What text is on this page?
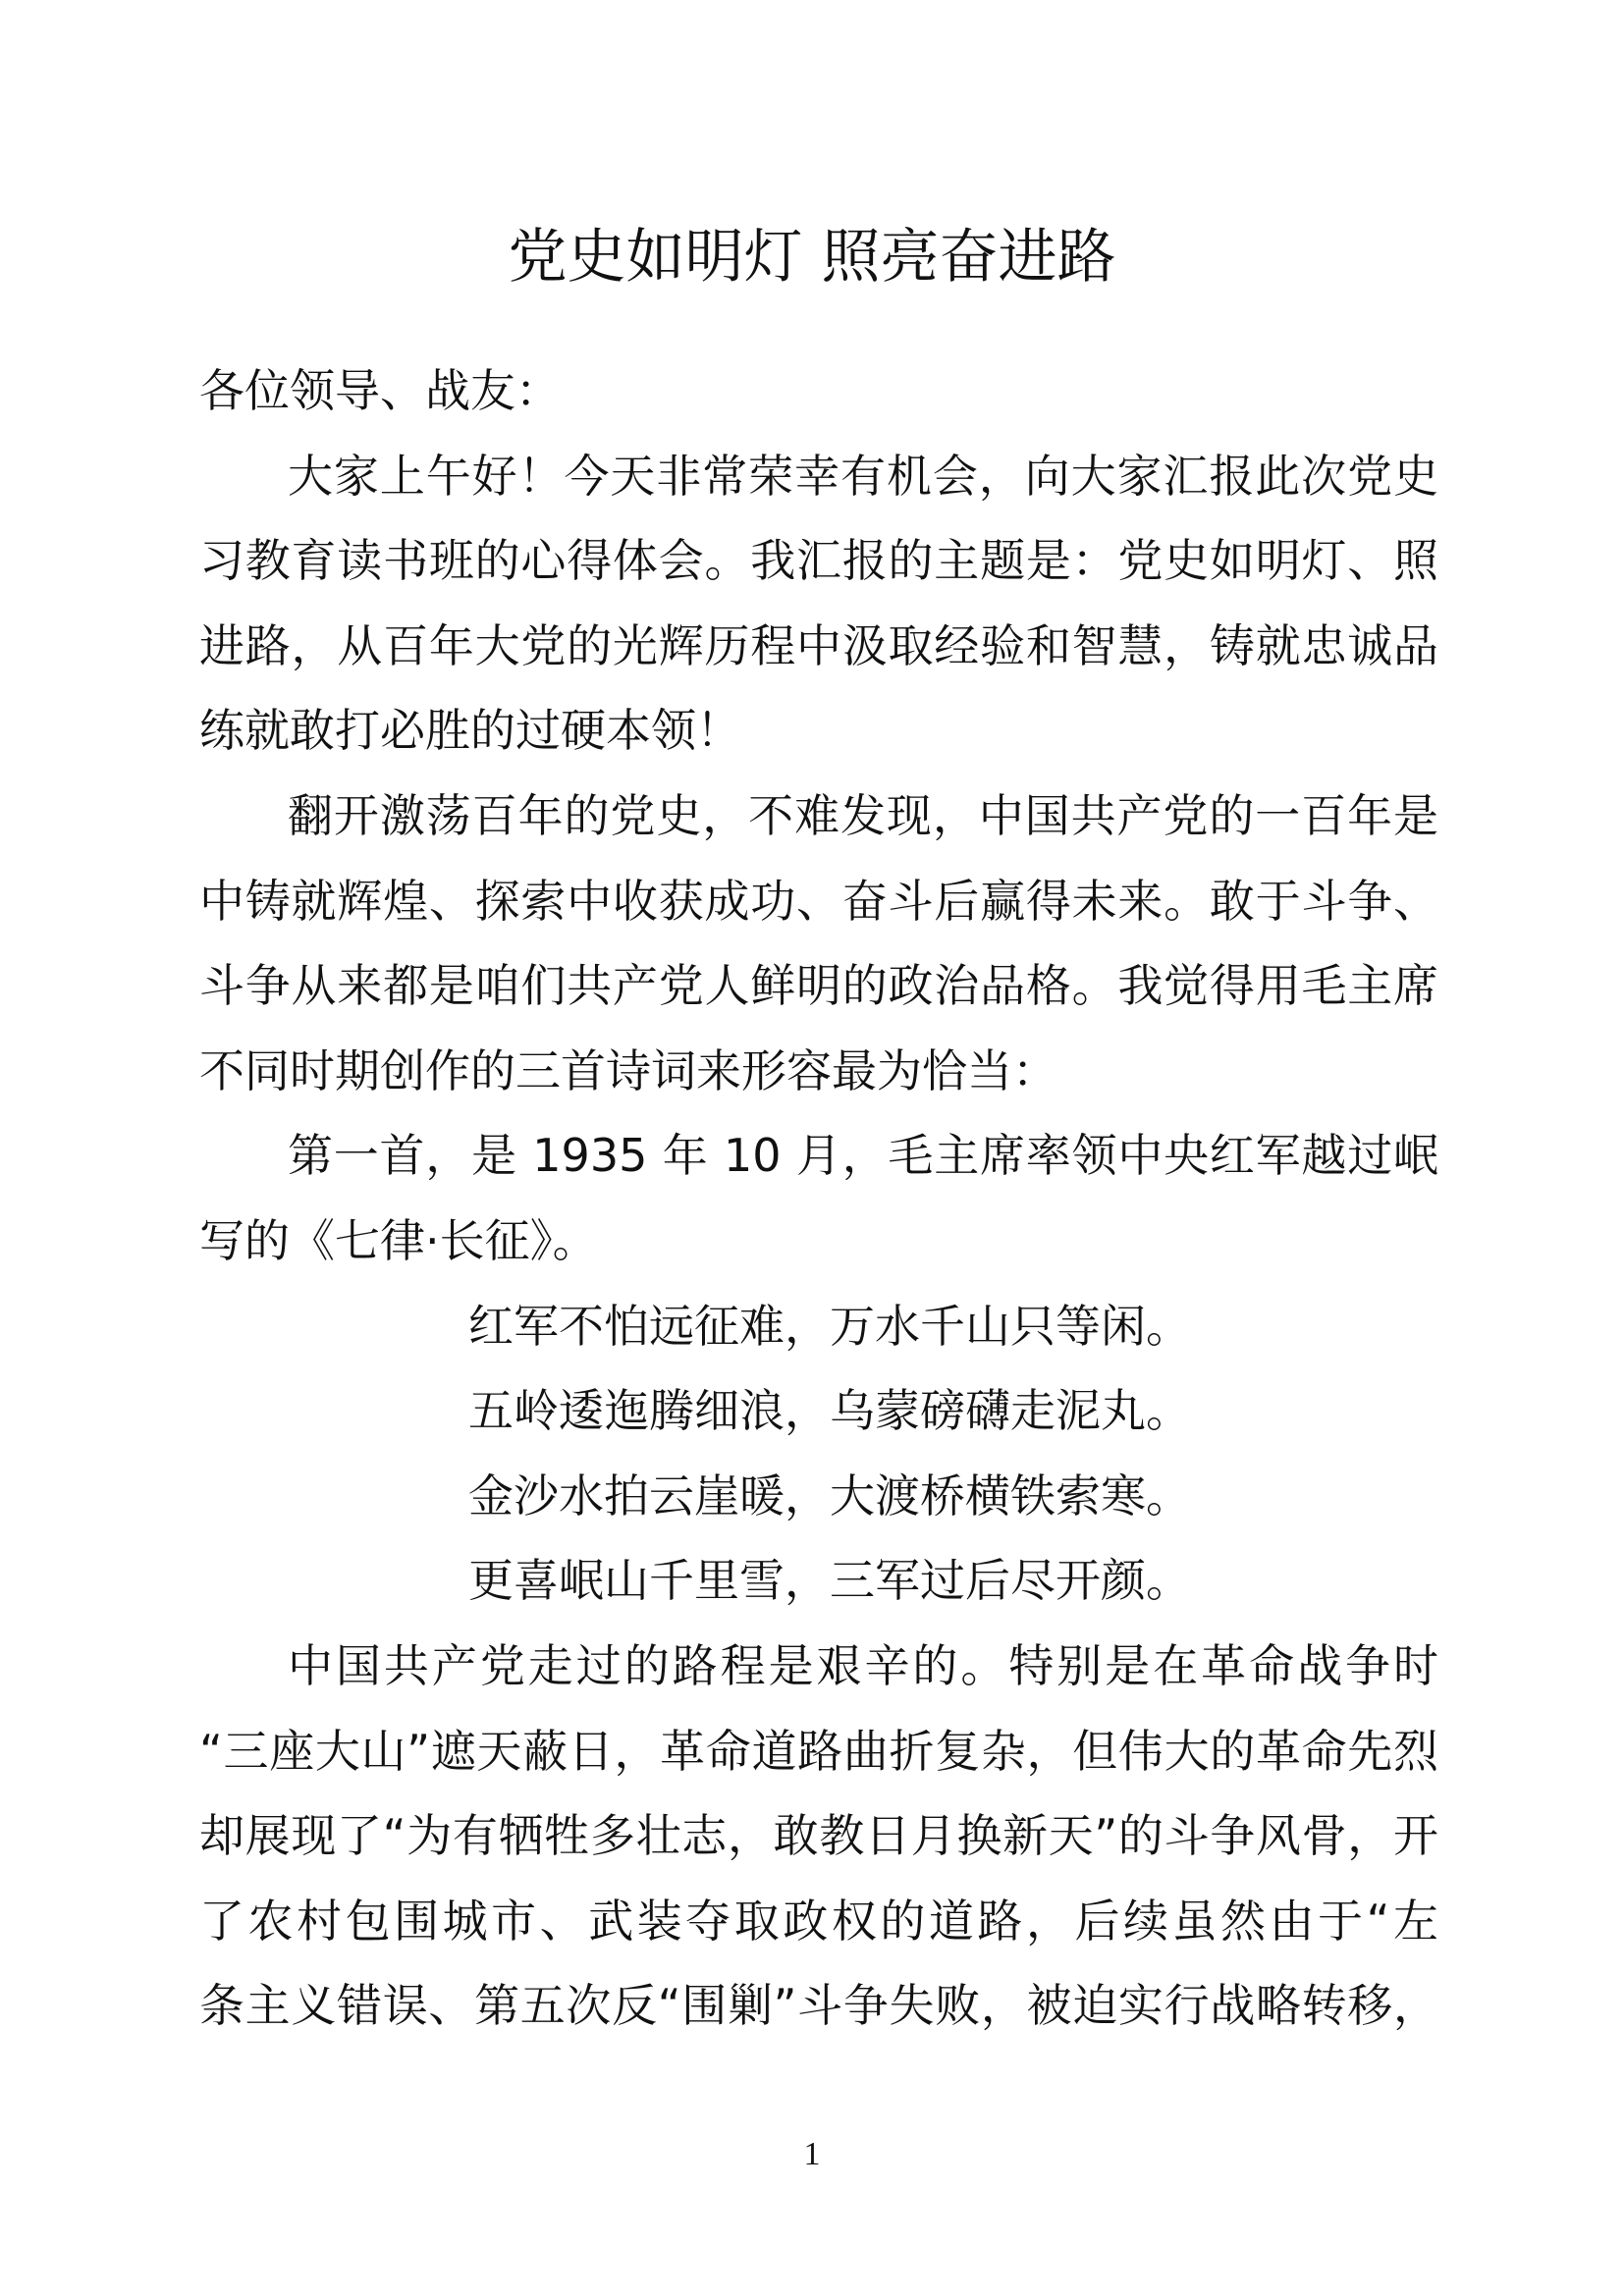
党史如明灯 照亮奋进路
各位领导、战友：
大家上午好！今天非常荣幸有机会，向大家汇报此次党史
习教育读书班的心得体会。我汇报的主题是：党史如明灯、照
进路，从百年大党的光辉历程中汲取经验和智慧，铸就忠诚品
练就敢打必胜的过硬本领！
翻开激荡百年的党史，不难发现，中国共产党的一百年是
中铸就辉煌、探索中收获成功、奋斗后赢得未来。敢于斗争、
斗争从来都是咱们共产党人鲜明的政治品格。我觉得用毛主席
不同时期创作的三首诗词来形容最为恰当：
第一首，是 1935 年 10 月，毛主席率领中央红军越过岷
写的《七律·长征》。
红军不怕远征难，万水千山只等闲。
五岭逶迤腾细浪，乌蒙磅礴走泥丸。
金沙水拍云崖暖，大渡桥横铁索寒。
更喜岷山千里雪，三军过后尽开颜。
中国共产党走过的路程是艰辛的。特别是在革命战争时
“三座大山”遮天蔽日，革命道路曲折复杂，但伟大的革命先烈
却展现了“为有牺牲多壮志，敢教日月换新天”的斗争风骨，开
了农村包围城市、武装夺取政权的道路，后续虽然由于“左
条主义错误、第五次反“围剿”斗争失败，被迫实行战略转移，
1
